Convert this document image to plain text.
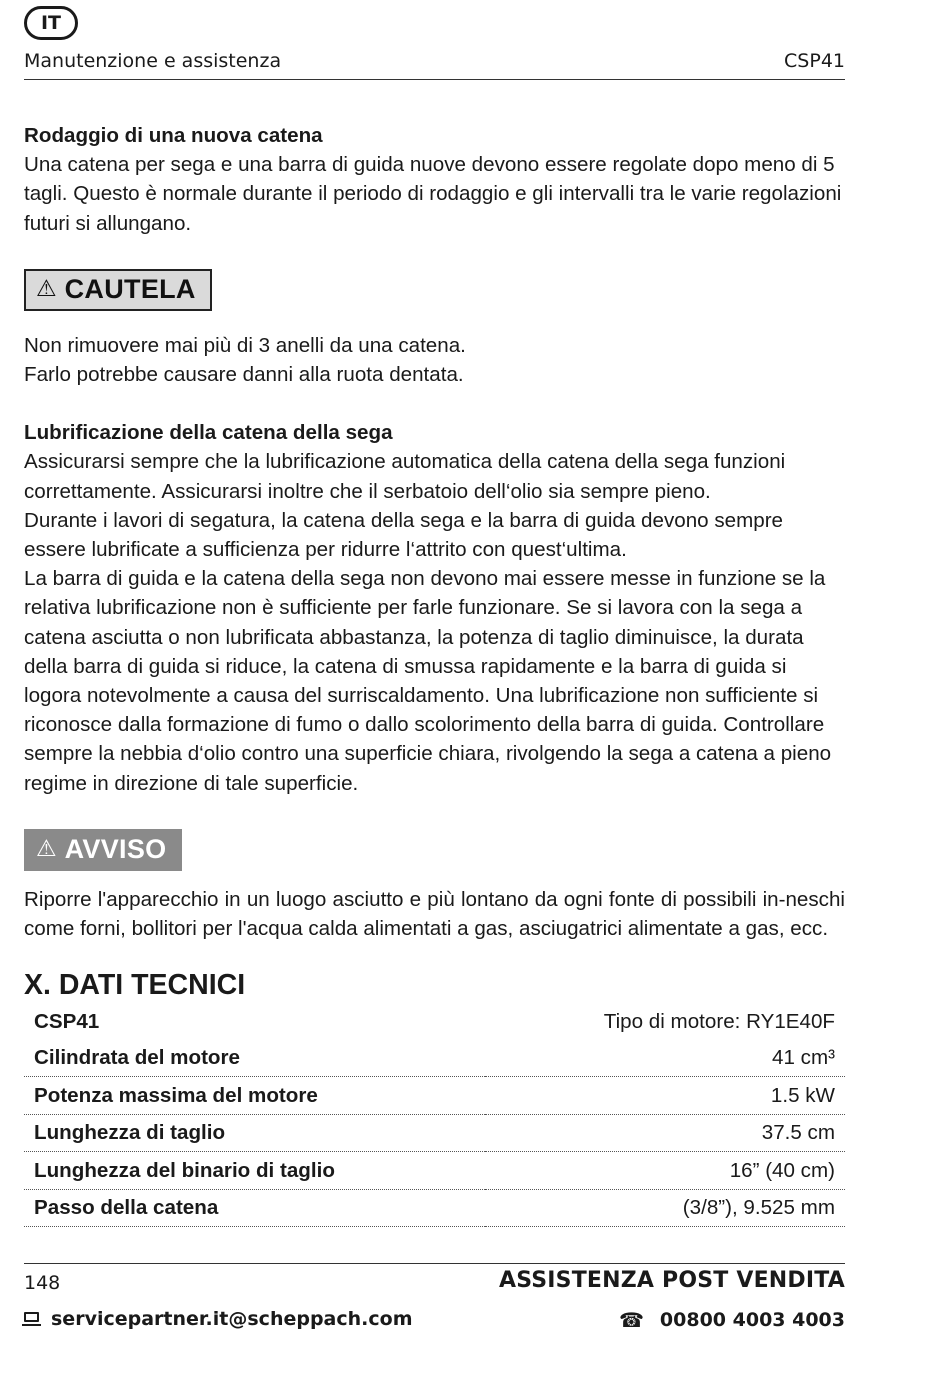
IT
Manutenzione e assistenza	CSP41

Rodaggio di una nuova catena

Una catena per sega e una barra di guida nuove devono essere regolate dopo meno di 5 tagli. Questo è normale durante il periodo di rodaggio e gli intervalli tra le varie regolazioni futuri si allungano.

⚠ CAUTELA

Non rimuovere mai più di 3 anelli da una catena.

Farlo potrebbe causare danni alla ruota dentata.

Lubrificazione della catena della sega

Assicurarsi sempre che la lubrificazione automatica della catena della sega funzioni correttamente. Assicurarsi inoltre che il serbatoio dell‘olio sia sempre pieno.

Durante i lavori di segatura, la catena della sega e la barra di guida devono sempre essere lubrificate a sufficienza per ridurre l‘attrito con quest‘ultima.

La barra di guida e la catena della sega non devono mai essere messe in funzione se la relativa lubrificazione non è sufficiente per farle funzionare. Se si lavora con la sega a catena asciutta o non lubrificata abbastanza, la potenza di taglio diminuisce, la durata della barra di guida si riduce, la catena di smussa rapidamente e la barra di guida si logora notevolmente a causa del surriscaldamento. Una lubrificazione non sufficiente si riconosce dalla formazione di fumo o dallo scolorimento della barra di guida. Controllare sempre la nebbia d‘olio contro una superficie chiara, rivolgendo la sega a catena a pieno regime in direzione di tale superficie.

⚠ AVVISO

Riporre l'apparecchio in un luogo asciutto e più lontano da ogni fonte di possibili in-neschi come forni, bollitori per l'acqua calda alimentati a gas, asciugatrici alimentate a gas, ecc.

X. DATI TECNICI

CSP41	Tipo di motore: RY1E40F
Cilindrata del motore	41 cm³
Potenza massima del motore	1.5 kW
Lunghezza di taglio	37.5 cm
Lunghezza del binario di taglio	16” (40 cm)
Passo della catena	(3/8”), 9.525 mm
148	ASSISTENZA POST VENDITA
servicepartner.it@scheppach.com	☎ 00800 4003 4003
